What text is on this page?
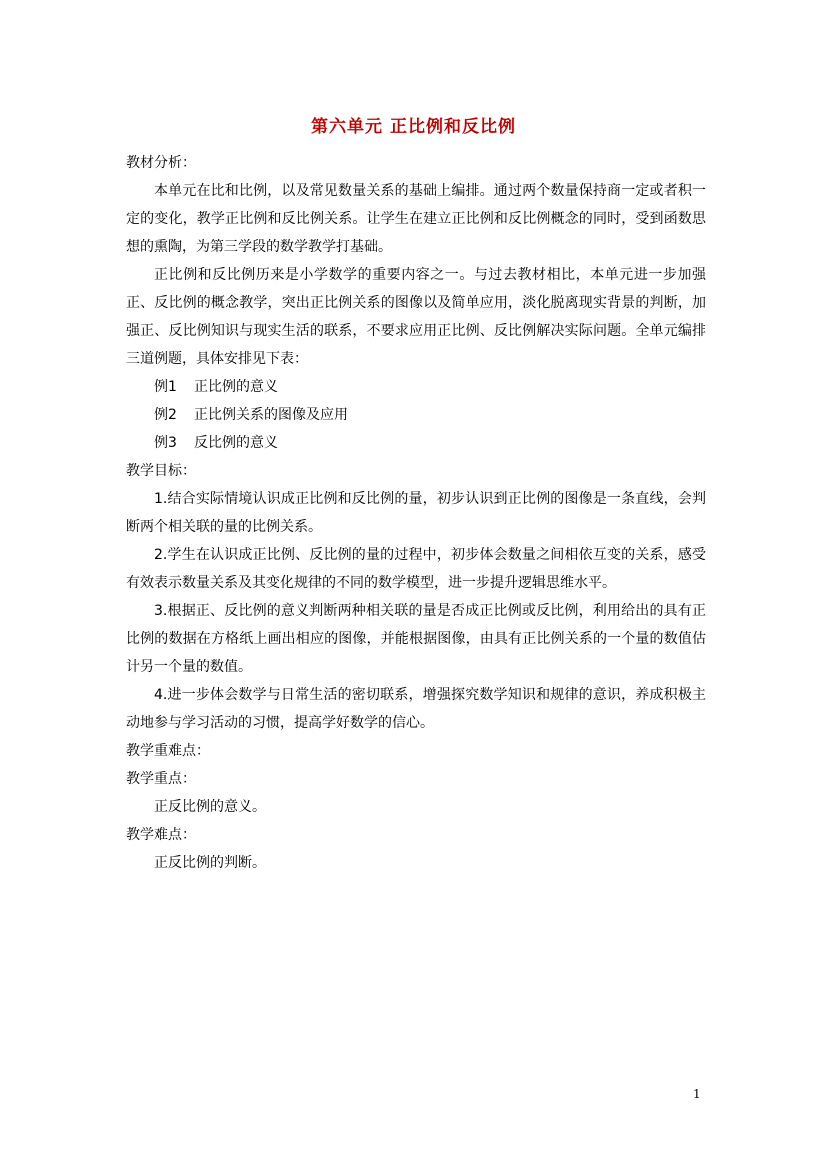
第六单元 正比例和反比例

教材分析：

本单元在比和比例，以及常见数量关系的基础上编排。通过两个数量保持商一定或者积一定的变化，教学正比例和反比例关系。让学生在建立正比例和反比例概念的同时，受到函数思想的熏陶，为第三学段的数学教学打基础。

正比例和反比例历来是小学数学的重要内容之一。与过去教材相比，本单元进一步加强正、反比例的概念教学，突出正比例关系的图像以及简单应用，淡化脱离现实背景的判断，加强正、反比例知识与现实生活的联系，不要求应用正比例、反比例解决实际问题。全单元编排三道例题，具体安排见下表：

例1 正比例的意义

例2 正比例关系的图像及应用

例3 反比例的意义

教学目标：

1.结合实际情境认识成正比例和反比例的量，初步认识到正比例的图像是一条直线，会判断两个相关联的量的比例关系。

2.学生在认识成正比例、反比例的量的过程中，初步体会数量之间相依互变的关系，感受有效表示数量关系及其变化规律的不同的数学模型，进一步提升逻辑思维水平。

3.根据正、反比例的意义判断两种相关联的量是否成正比例或反比例，利用给出的具有正比例的数据在方格纸上画出相应的图像，并能根据图像，由具有正比例关系的一个量的数值估计另一个量的数值。

4.进一步体会数学与日常生活的密切联系，增强探究数学知识和规律的意识，养成积极主动地参与学习活动的习惯，提高学好数学的信心。

教学重难点：

教学重点：

正反比例的意义。

教学难点：

正反比例的判断。

1
